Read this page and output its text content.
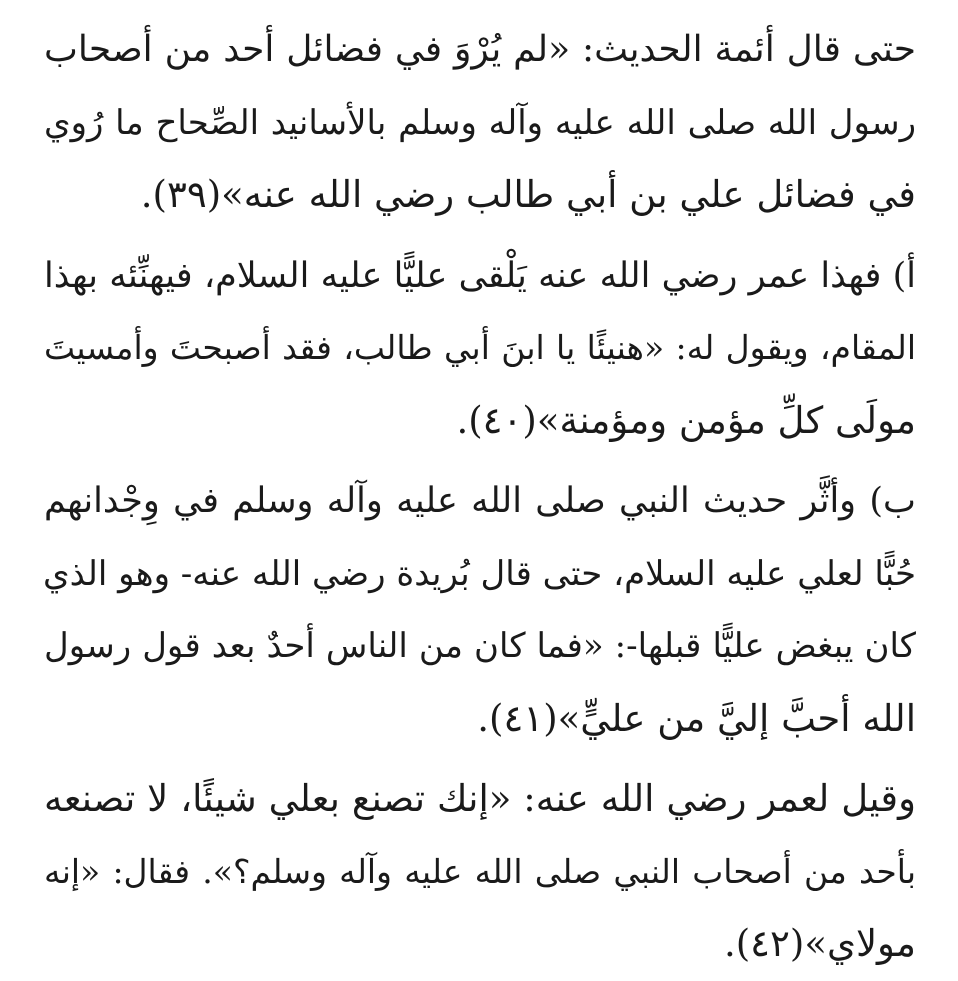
حتى قال أئمة الحديث: «لم يُرْوَ في فضائل أحد من أصحاب
رسول الله صلى الله عليه وآله وسلم بالأسانيد الصِّحاح ما رُوي
في فضائل علي بن أبي طالب رضي الله عنه»(٣٩).
أ) فهذا عمر رضي الله عنه يَلْقى عليًّا عليه السلام، فيهنِّئه بهذا
المقام، ويقول له: «هنيئًا يا ابنَ أبي طالب، فقد أصبحتَ وأمسيتَ
مولَى كلِّ مؤمن ومؤمنة»(٤٠).
ب) وأثَّر حديث النبي صلى الله عليه وآله وسلم في وِجْدانهم
حُبًّا لعلي عليه السلام، حتى قال بُريدة رضي الله عنه- وهو الذي
كان يبغض عليًّا قبلها-: «فما كان من الناس أحدٌ بعد قول رسول
الله أحبَّ إليَّ من عليٍّ»(٤١).
وقيل لعمر رضي الله عنه: «إنك تصنع بعلي شيئًا، لا تصنعه
بأحد من أصحاب النبي صلى الله عليه وآله وسلم؟». فقال: «إنه
مولاي»(٤٢).
